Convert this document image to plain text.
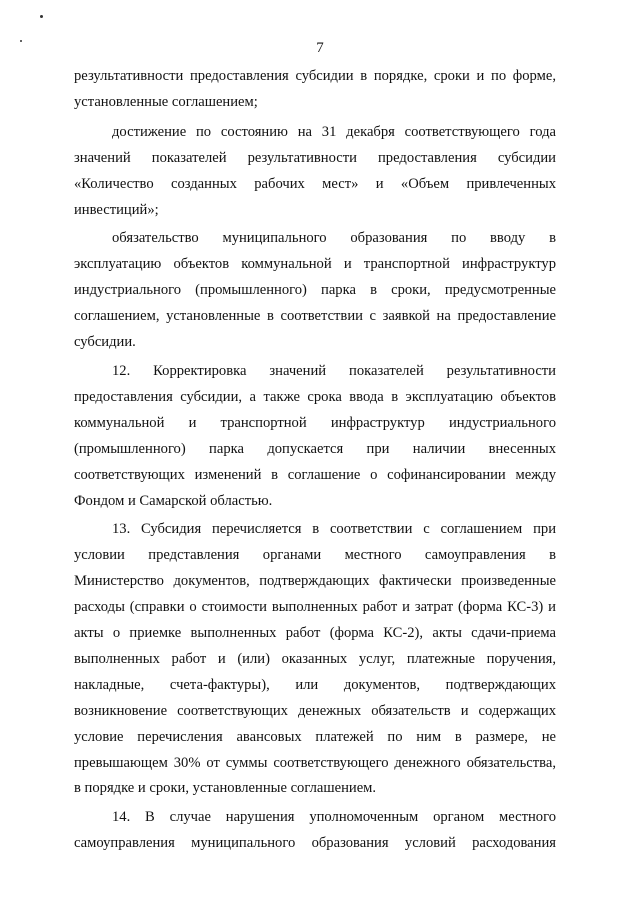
7
результативности предоставления субсидии в порядке, сроки и по форме,
установленные соглашением;
достижение по состоянию на 31 декабря соответствующего года
значений показателей результативности предоставления субсидии
«Количество созданных рабочих мест» и «Объем привлеченных
инвестиций»;
обязательство муниципального образования по вводу в
эксплуатацию объектов коммунальной и транспортной инфраструктур
индустриального (промышленного) парка в сроки, предусмотренные
соглашением, установленные в соответствии с заявкой на предоставление
субсидии.
12. Корректировка значений показателей результативности
предоставления субсидии, а также срока ввода в эксплуатацию объектов
коммунальной и транспортной инфраструктур индустриального
(промышленного) парка допускается при наличии внесенных
соответствующих изменений в соглашение о софинансировании между
Фондом и Самарской областью.
13. Субсидия перечисляется в соответствии с соглашением при
условии представления органами местного самоуправления в
Министерство документов, подтверждающих фактически произведенные
расходы (справки о стоимости выполненных работ и затрат (форма КС-3) и
акты о приемке выполненных работ (форма КС-2), акты сдачи-приема
выполненных работ и (или) оказанных услуг, платежные поручения,
накладные, счета-фактуры), или документов, подтверждающих
возникновение соответствующих денежных обязательств и содержащих
условие перечисления авансовых платежей по ним в размере, не
превышающем 30% от суммы соответствующего денежного обязательства,
в порядке и сроки, установленные соглашением.
14. В случае нарушения уполномоченным органом местного
самоуправления муниципального образования условий расходования
